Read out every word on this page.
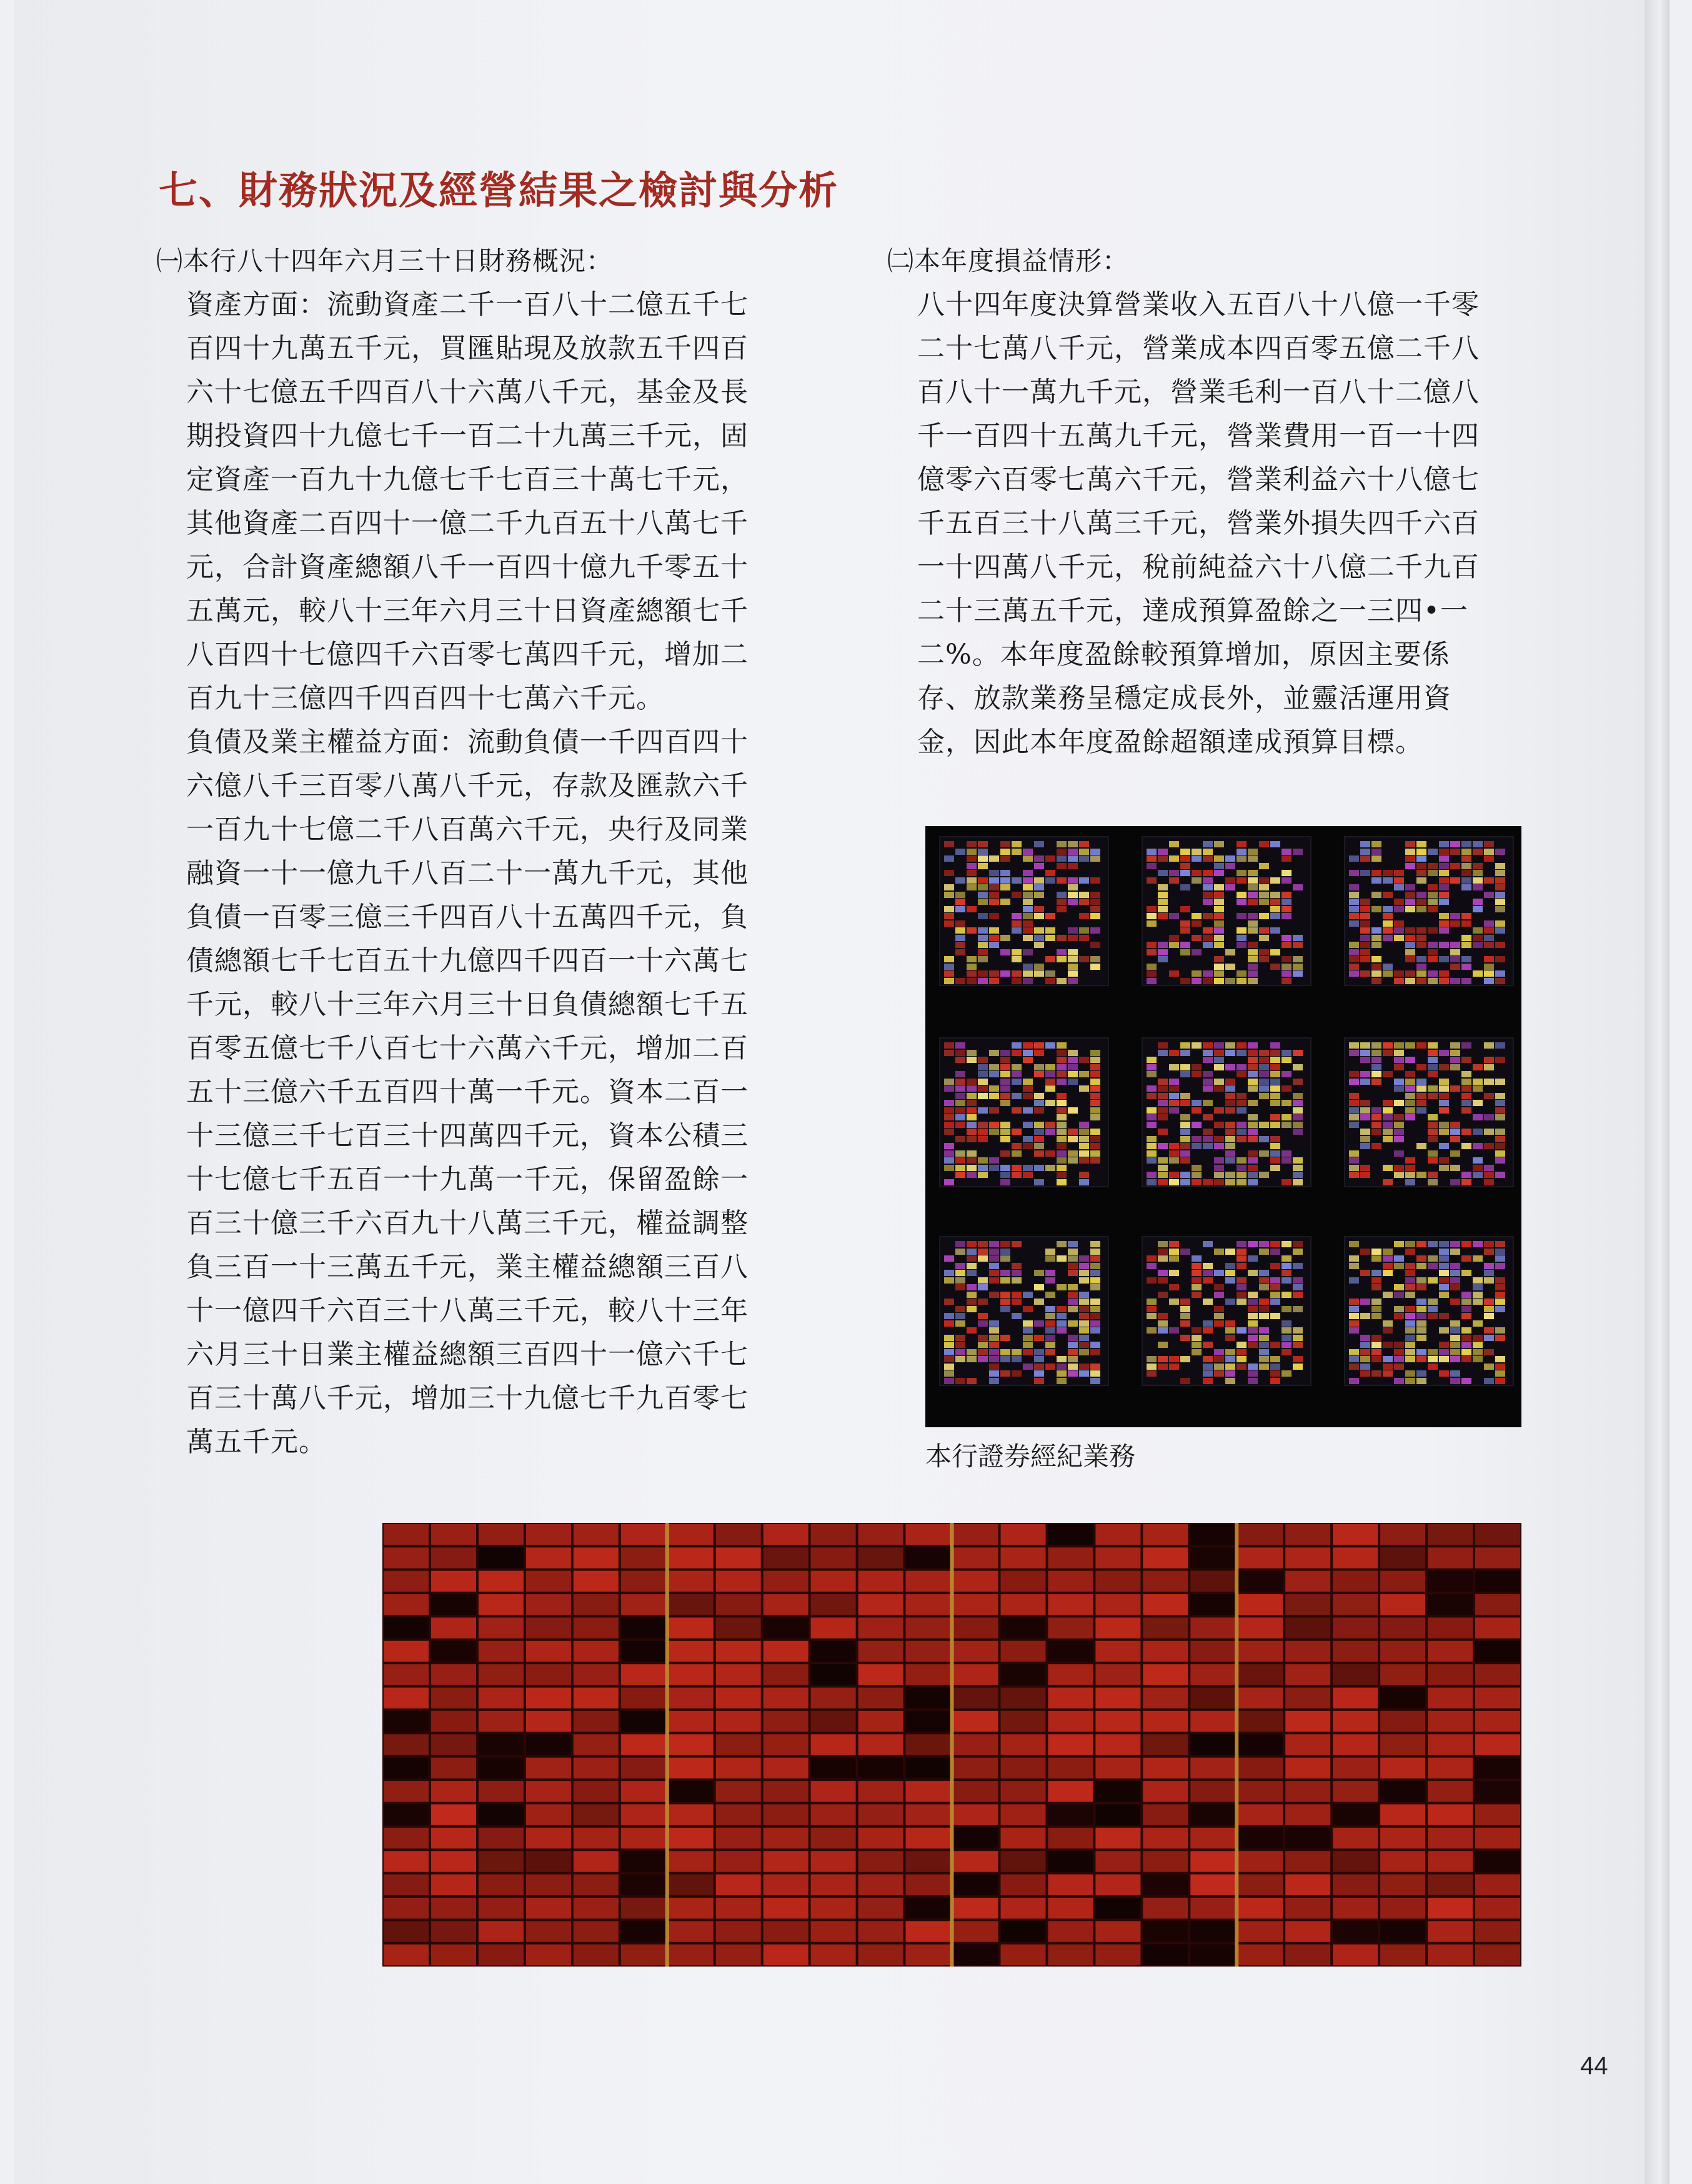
七、財務狀況及經營結果之檢討與分析

㈠本行八十四年六月三十日財務概況：

資產方面：流動資產二千一百八十二億五千七

百四十九萬五千元，買匯貼現及放款五千四百

六十七億五千四百八十六萬八千元，基金及長

期投資四十九億七千一百二十九萬三千元，固

定資產一百九十九億七千七百三十萬七千元，

其他資產二百四十一億二千九百五十八萬七千

元，合計資產總額八千一百四十億九千零五十

五萬元，較八十三年六月三十日資產總額七千

八百四十七億四千六百零七萬四千元，增加二

百九十三億四千四百四十七萬六千元。

負債及業主權益方面：流動負債一千四百四十

六億八千三百零八萬八千元，存款及匯款六千

一百九十七億二千八百萬六千元，央行及同業

融資一十一億九千八百二十一萬九千元，其他

負債一百零三億三千四百八十五萬四千元，負

債總額七千七百五十九億四千四百一十六萬七

千元，較八十三年六月三十日負債總額七千五

百零五億七千八百七十六萬六千元，增加二百

五十三億六千五百四十萬一千元。資本二百一

十三億三千七百三十四萬四千元，資本公積三

十七億七千五百一十九萬一千元，保留盈餘一

百三十億三千六百九十八萬三千元，權益調整

負三百一十三萬五千元，業主權益總額三百八

十一億四千六百三十八萬三千元，較八十三年

六月三十日業主權益總額三百四十一億六千七

百三十萬八千元，增加三十九億七千九百零七

萬五千元。

㈡本年度損益情形：

八十四年度決算營業收入五百八十八億一千零

二十七萬八千元，營業成本四百零五億二千八

百八十一萬九千元，營業毛利一百八十二億八

千一百四十五萬九千元，營業費用一百一十四

億零六百零七萬六千元，營業利益六十八億七

千五百三十八萬三千元，營業外損失四千六百

一十四萬八千元，稅前純益六十八億二千九百

二十三萬五千元，達成預算盈餘之一三四•一

二%。本年度盈餘較預算增加，原因主要係

存、放款業務呈穩定成長外，並靈活運用資

金，因此本年度盈餘超額達成預算目標。

本行證券經紀業務
44
